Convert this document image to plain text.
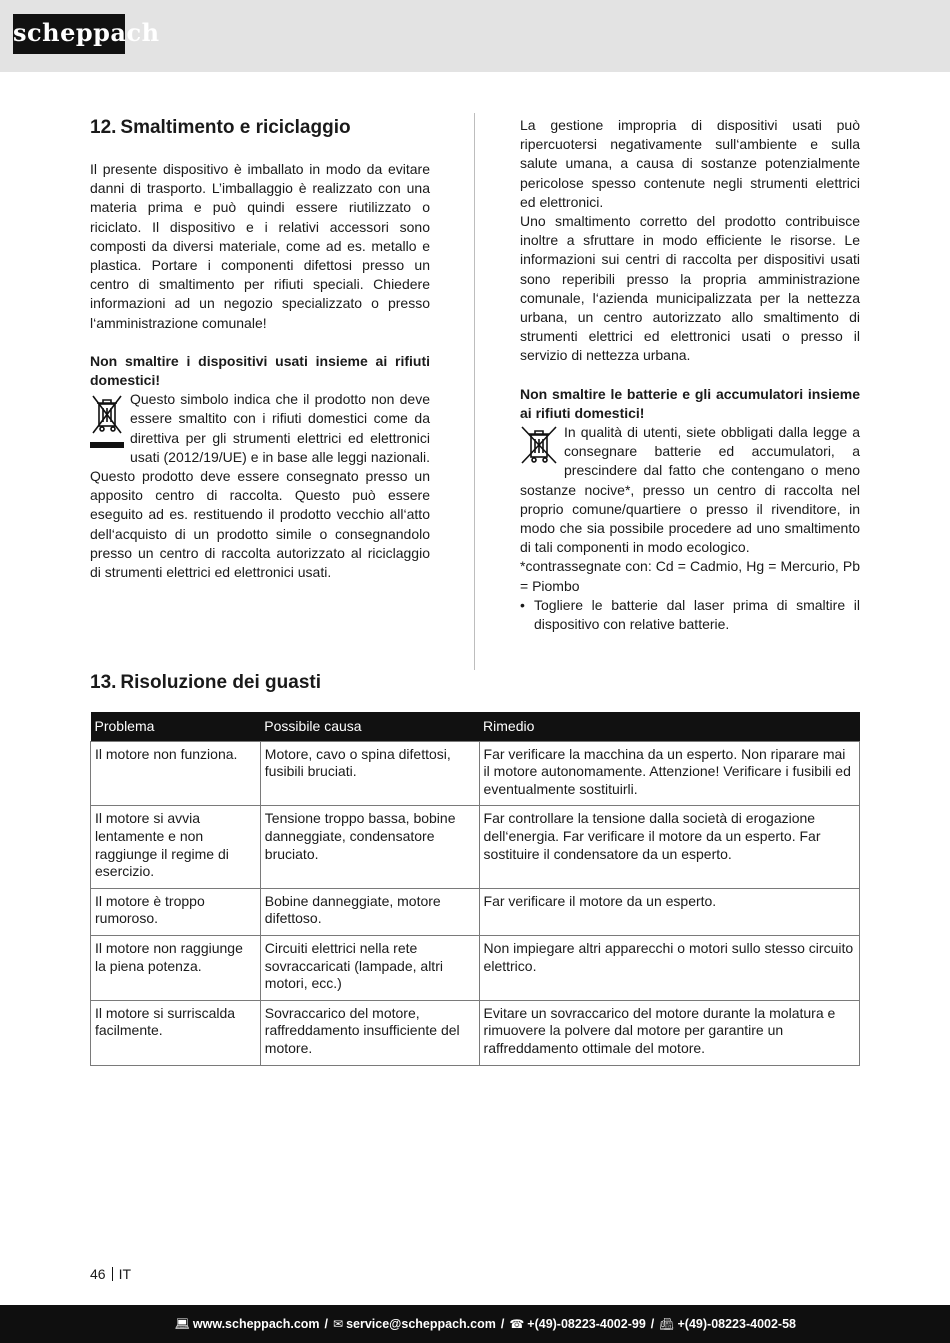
scheppach
12. Smaltimento e riciclaggio

Il presente dispositivo è imballato in modo da evitare danni di trasporto. L’imballaggio è realizzato con una materia prima e può quindi essere riutilizzato o riciclato. Il dispositivo e i relativi accessori sono composti da diversi materiale, come ad es. metallo e plastica. Portare i componenti difettosi presso un centro di smaltimento per rifiuti speciali. Chiedere informazioni ad un negozio specializzato o presso l‘amministrazione comunale!

Non smaltire i dispositivi usati insieme ai rifiuti domestici!

Questo simbolo indica che il prodotto non deve essere smaltito con i rifiuti domestici come da direttiva per gli strumenti elettrici ed elettronici usati (2012/19/UE) e in base alle leggi nazionali. Questo prodotto deve essere consegnato presso un apposito centro di raccolta. Questo può essere eseguito ad es. restituendo il prodotto vecchio all‘atto dell‘acquisto di un prodotto simile o consegnandolo presso un centro di raccolta autorizzato al riciclaggio di strumenti elettrici ed elettronici usati.

La gestione impropria di dispositivi usati può ripercuotersi negativamente sull‘ambiente e sulla salute umana, a causa di sostanze potenzialmente pericolose spesso contenute negli strumenti elettrici ed elettronici.

Uno smaltimento corretto del prodotto contribuisce inoltre a sfruttare in modo efficiente le risorse. Le informazioni sui centri di raccolta per dispositivi usati sono reperibili presso la propria amministrazione comunale, l‘azienda municipalizzata per la nettezza urbana, un centro autorizzato allo smaltimento di strumenti elettrici ed elettronici usati o presso il servizio di nettezza urbana.

Non smaltire le batterie e gli accumulatori insieme ai rifiuti domestici!

In qualità di utenti, siete obbligati dalla legge a consegnare batterie ed accumulatori, a prescindere dal fatto che contengano o meno sostanze nocive*, presso un centro di raccolta nel proprio comune/quartiere o presso il rivenditore, in modo che sia possibile procedere ad uno smaltimento di tali componenti in modo ecologico.

*contrassegnate con: Cd = Cadmio, Hg = Mercurio, Pb = Piombo

• Togliere le batterie dal laser prima di smaltire il dispositivo con relative batterie.
13. Risoluzione dei guasti
Problema	Possibile causa	Rimedio
Il motore non funziona.	Motore, cavo o spina difettosi, fusibili bruciati.	Far verificare la macchina da un esperto. Non riparare mai il motore autonomamente. Attenzione! Verificare i fusibili ed eventualmente sostituirli.
Il motore si avvia lentamente e non raggiunge il regime di esercizio.	Tensione troppo bassa, bobine danneggiate, condensatore bruciato.	Far controllare la tensione dalla società di erogazione dell‘energia. Far verificare il motore da un esperto. Far sostituire il condensatore da un esperto.
Il motore è troppo rumoroso.	Bobine danneggiate, motore difettoso.	Far verificare il motore da un esperto.
Il motore non raggiunge la piena potenza.	Circuiti elettrici nella rete sovraccaricati (lampade, altri motori, ecc.)	Non impiegare altri apparecchi o motori sullo stesso circuito elettrico.
Il motore si surriscalda facilmente.	Sovraccarico del motore, raffreddamento insufficiente del motore.	Evitare un sovraccarico del motore durante la molatura e rimuovere la polvere dal motore per garantire un raffreddamento ottimale del motore.
46 IT
💻︎ www.scheppach.com / ✉︎ service@scheppach.com / ☎︎ +(49)-08223-4002-99 / 📠︎ +(49)-08223-4002-58
